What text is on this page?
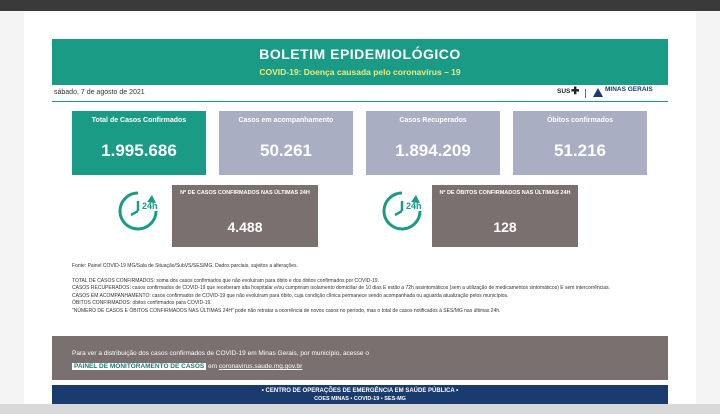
BOLETIM EPIDEMIOLÓGICO
COVID-19: Doença causada pelo coronavírus – 19
sábado, 7 de agosto de 2021	SUS ✚	MINAS GERAIS
Total de Casos Confirmados
1.995.686
Casos em acompanhamento
50.261
Casos Recuperados
1.894.209
Óbitos confirmados
51.216
24h
Nº DE CASOS CONFIRMADOS NAS ÚLTIMAS 24H
4.488
24h
Nº DE ÓBITOS CONFIRMADOS NAS ÚLTIMAS 24H
128

Fonte: Painel COVID-19 MG/Sala de Situação/SubVS/SES/MG. Dados parciais, sujeitos a alterações.

TOTAL DE CASOS CONFIRMADOS: soma dos casos confirmados que não evoluíram para óbito e dos óbitos confirmados por COVID-19.

CASOS RECUPERADOS: casos confirmados de COVID-19 que receberam alta hospitalar e/ou cumpriram isolamento domiciliar de 10 dias E estão a 72h assintomáticos (sem a utilização de medicamentos sintomáticos) E sem intercorrências.

CASOS EM ACOMPANHAMENTO: casos confirmados de COVID-19 que não evoluíram para óbito, cuja condição clínica permanece sendo acompanhada ou aguarda atualização pelos municípios.

ÓBITOS CONFIRMADOS: óbitos confirmados para COVID-19.

"NÚMERO DE CASOS E ÓBITOS CONFIRMADOS NAS ÚLTIMAS 24H" pode não retratar a ocorrência de novos casos no período, mas o total de casos notificados à SES/MG nas últimas 24h.

Para ver a distribuição dos casos confirmados de COVID-19 em Minas Gerais, por município, acesse o
PAINEL DE MONITORAMENTO DE CASOS em coronavirus.saude.mg.gov.br
• CENTRO DE OPERAÇÕES DE EMERGÊNCIA EM SAÚDE PÚBLICA •
COES MINAS • COVID-19 • SES-MG
